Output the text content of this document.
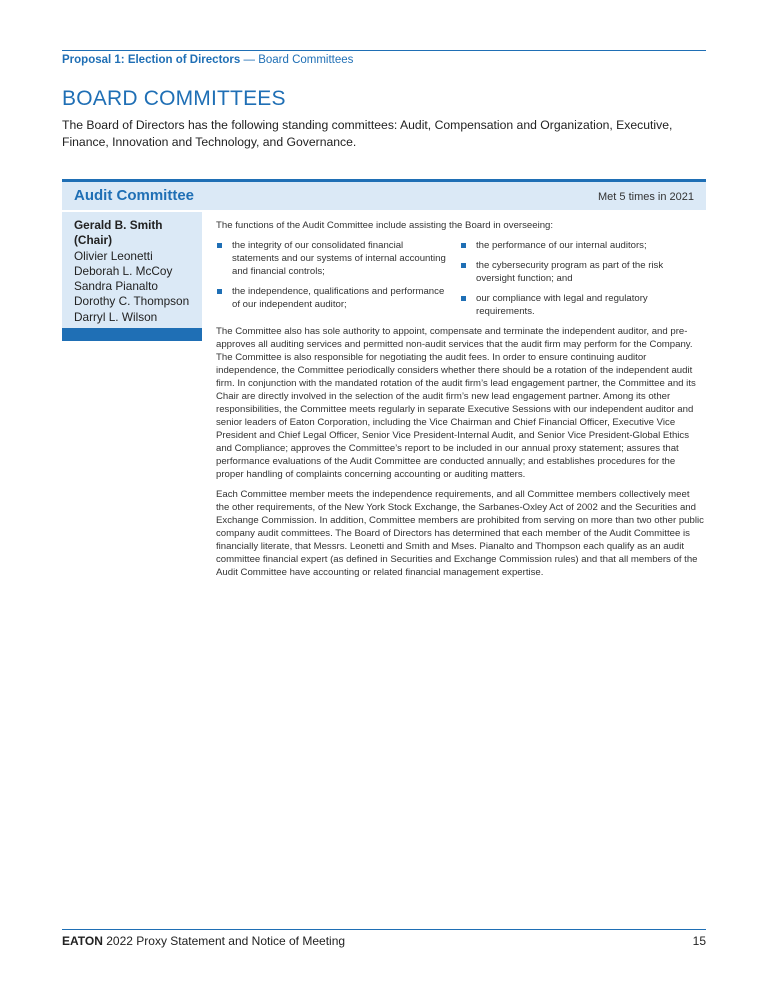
Proposal 1: Election of Directors — Board Committees
BOARD COMMITTEES
The Board of Directors has the following standing committees: Audit, Compensation and Organization, Executive, Finance, Innovation and Technology, and Governance.
Audit Committee	Met 5 times in 2021
Gerald B. Smith (Chair)
Olivier Leonetti
Deborah L. McCoy
Sandra Pianalto
Dorothy C. Thompson
Darryl L. Wilson

The functions of the Audit Committee include assisting the Board in overseeing:

the integrity of our consolidated financial statements and our systems of internal accounting and financial controls;
the independence, qualifications and performance of our independent auditor;
the performance of our internal auditors;
the cybersecurity program as part of the risk oversight function; and
our compliance with legal and regulatory requirements.

The Committee also has sole authority to appoint, compensate and terminate the independent auditor, and pre-approves all auditing services and permitted non-audit services that the audit firm may perform for the Company. The Committee is also responsible for negotiating the audit fees. In order to ensure continuing auditor independence, the Committee periodically considers whether there should be a rotation of the independent audit firm. In conjunction with the mandated rotation of the audit firm’s lead engagement partner, the Committee and its Chair are directly involved in the selection of the audit firm’s new lead engagement partner. Among its other responsibilities, the Committee meets regularly in separate Executive Sessions with our independent auditor and senior leaders of Eaton Corporation, including the Vice Chairman and Chief Financial Officer, Executive Vice President and Chief Legal Officer, Senior Vice President-Internal Audit, and Senior Vice President-Global Ethics and Compliance; approves the Committee’s report to be included in our annual proxy statement; assures that performance evaluations of the Audit Committee are conducted annually; and establishes procedures for the proper handling of complaints concerning accounting or auditing matters.

Each Committee member meets the independence requirements, and all Committee members collectively meet the other requirements, of the New York Stock Exchange, the Sarbanes-Oxley Act of 2002 and the Securities and Exchange Commission. In addition, Committee members are prohibited from serving on more than two other public company audit committees. The Board of Directors has determined that each member of the Audit Committee is financially literate, that Messrs. Leonetti and Smith and Mses. Pianalto and Thompson each qualify as an audit committee financial expert (as defined in Securities and Exchange Commission rules) and that all members of the Audit Committee have accounting or related financial management expertise.

EATON 2022 Proxy Statement and Notice of Meeting	15
